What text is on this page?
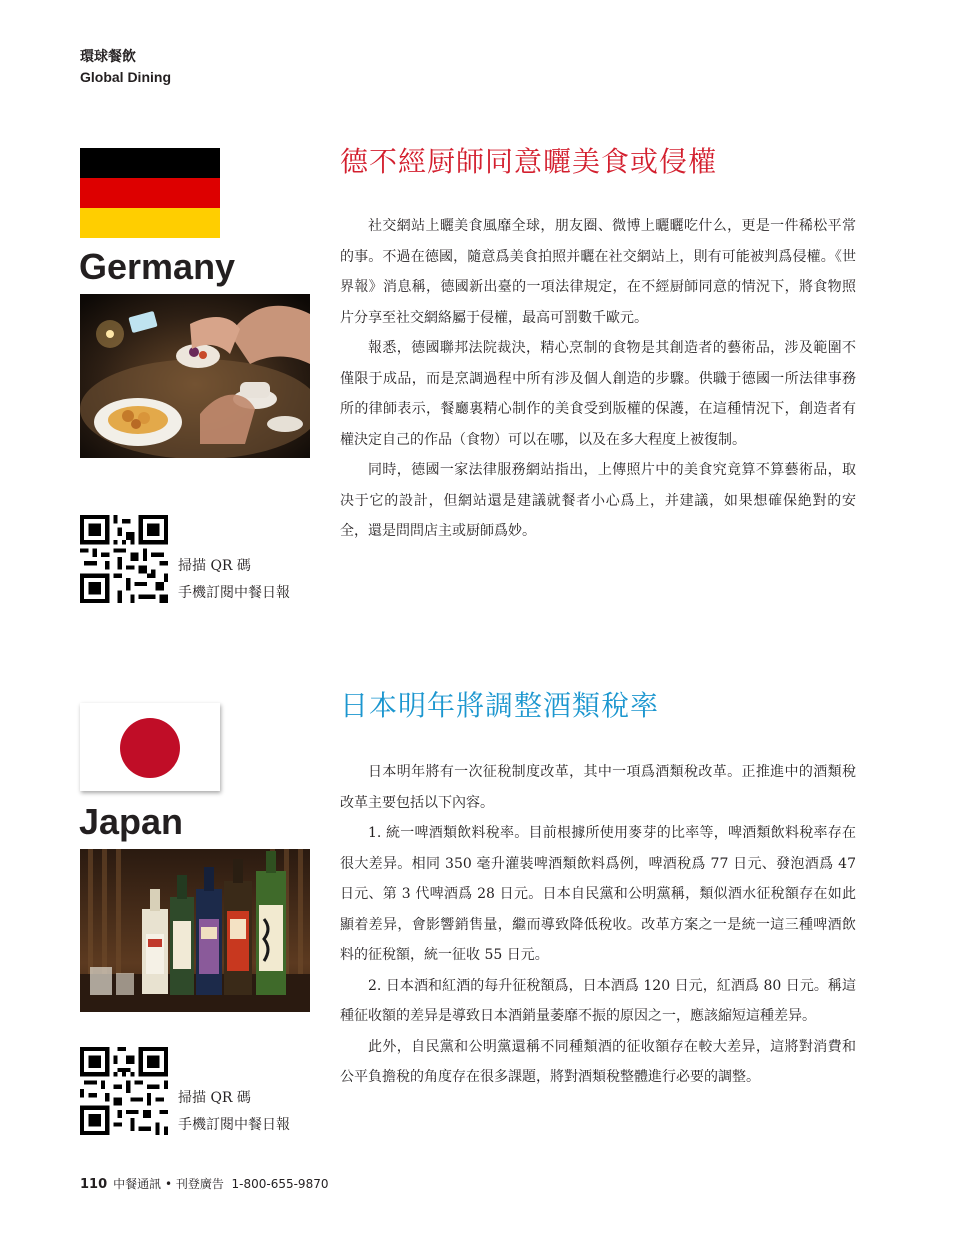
環球餐飲
Global Dining
Germany
掃描 QR 碼
手機訂閱中餐日報
德不經厨師同意曬美食或侵權

社交網站上曬美食風靡全球，朋友圈、微博上曬曬吃什么，更是一件稀松平常的事。不過在德國，隨意爲美食拍照并曬在社交網站上，則有可能被判爲侵權。《世界報》消息稱，德國新出臺的一項法律規定，在不經厨師同意的情況下，將食物照片分享至社交網絡屬于侵權，最高可罰數千歐元。

報悉，德國聯邦法院裁決，精心烹制的食物是其創造者的藝術品，涉及範圍不僅限于成品，而是烹調過程中所有涉及個人創造的步驟。供職于德國一所法律事務所的律師表示，餐廳裏精心制作的美食受到版權的保護，在這種情況下，創造者有權決定自己的作品（食物）可以在哪，以及在多大程度上被復制。

同時，德國一家法律服務網站指出，上傳照片中的美食究竟算不算藝術品，取决于它的設計，但網站還是建議就餐者小心爲上，并建議，如果想確保絶對的安全，還是問問店主或厨師爲妙。

Japan
掃描 QR 碼
手機訂閱中餐日報
日本明年將調整酒類稅率

日本明年將有一次征稅制度改革，其中一項爲酒類稅改革。正推進中的酒類稅改革主要包括以下內容。

1. 統一啤酒類飲料稅率。目前根據所使用麥芽的比率等，啤酒類飲料稅率存在很大差异。相同 350 毫升灌裝啤酒類飲料爲例，啤酒稅爲 77 日元、發泡酒爲 47 日元、第 3 代啤酒爲 28 日元。日本自民黨和公明黨稱，類似酒水征稅額存在如此顯着差异，會影響銷售量，繼而導致降低稅收。改革方案之一是統一這三種啤酒飲料的征稅額，統一征收 55 日元。

2. 日本酒和紅酒的每升征稅額爲，日本酒爲 120 日元，紅酒爲 80 日元。稱這種征收額的差异是導致日本酒銷量萎靡不振的原因之一，應該縮短這種差异。

此外，自民黨和公明黨還稱不同種類酒的征收額存在較大差异，這將對消費和公平負擔稅的角度存在很多課題，將對酒類稅整體進行必要的調整。

110 中餐通訊 • 刊登廣告 1-800-655-9870
